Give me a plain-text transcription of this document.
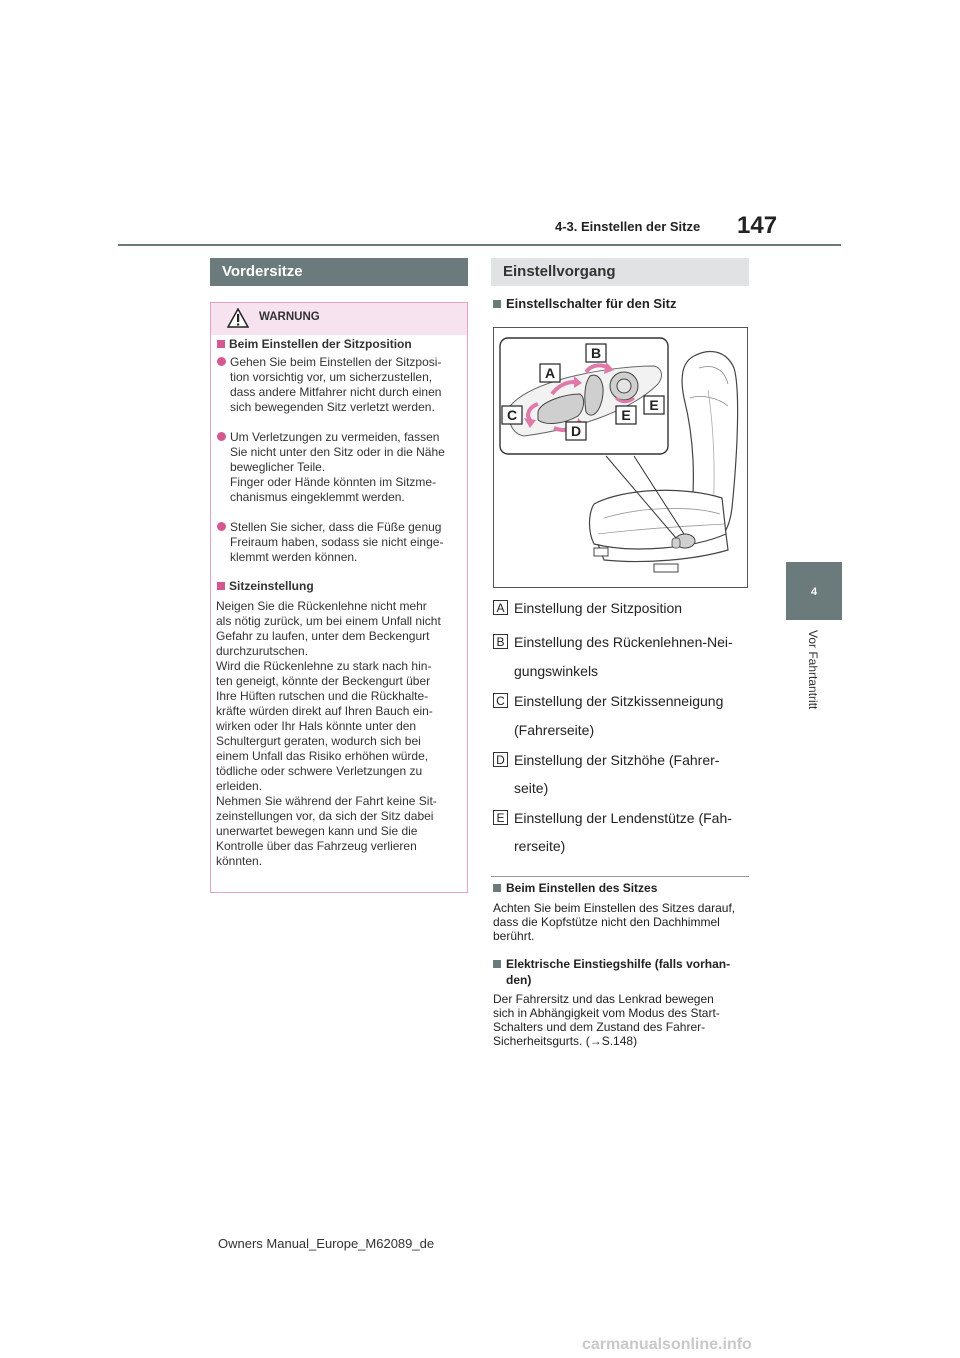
4-3. Einstellen der Sitze 147
4
Vor Fahrtantritt
Vordersitze
WARNUNG
Beim Einstellen der Sitzposition
Gehen Sie beim Einstellen der Sitzposi-
tion vorsichtig vor, um sicherzustellen,
dass andere Mitfahrer nicht durch einen
sich bewegenden Sitz verletzt werden.
Um Verletzungen zu vermeiden, fassen
Sie nicht unter den Sitz oder in die Nähe
beweglicher Teile.
Finger oder Hände könnten im Sitzme-
chanismus eingeklemmt werden.
Stellen Sie sicher, dass die Füße genug
Freiraum haben, sodass sie nicht einge-
klemmt werden können.
Sitzeinstellung
Neigen Sie die Rückenlehne nicht mehr
als nötig zurück, um bei einem Unfall nicht
Gefahr zu laufen, unter dem Beckengurt
durchzurutschen.
Wird die Rückenlehne zu stark nach hin-
ten geneigt, könnte der Beckengurt über
Ihre Hüften rutschen und die Rückhalte-
kräfte würden direkt auf Ihren Bauch ein-
wirken oder Ihr Hals könnte unter den
Schultergurt geraten, wodurch sich bei
einem Unfall das Risiko erhöhen würde,
tödliche oder schwere Verletzungen zu
erleiden.
Nehmen Sie während der Fahrt keine Sit-
zeinstellungen vor, da sich der Sitz dabei
unerwartet bewegen kann und Sie die
Kontrolle über das Fahrzeug verlieren
könnten.
Einstellvorgang
Einstellschalter für den Sitz
A
B
C
D
E
E
A Einstellung der Sitzposition
B Einstellung des Rückenlehnen-Nei-
gungswinkels
C Einstellung der Sitzkissenneigung
(Fahrerseite)
D Einstellung der Sitzhöhe (Fahrer-
seite)
E Einstellung der Lendenstütze (Fah-
rerseite)
Beim Einstellen des Sitzes
Achten Sie beim Einstellen des Sitzes darauf,
dass die Kopfstütze nicht den Dachhimmel
berührt.
Elektrische Einstiegshilfe (falls vorhan-
den)
Der Fahrersitz und das Lenkrad bewegen
sich in Abhängigkeit vom Modus des Start-
Schalters und dem Zustand des Fahrer-
Sicherheitsgurts. (→S.148)
Owners Manual_Europe_M62089_de
carmanualsonline.info
